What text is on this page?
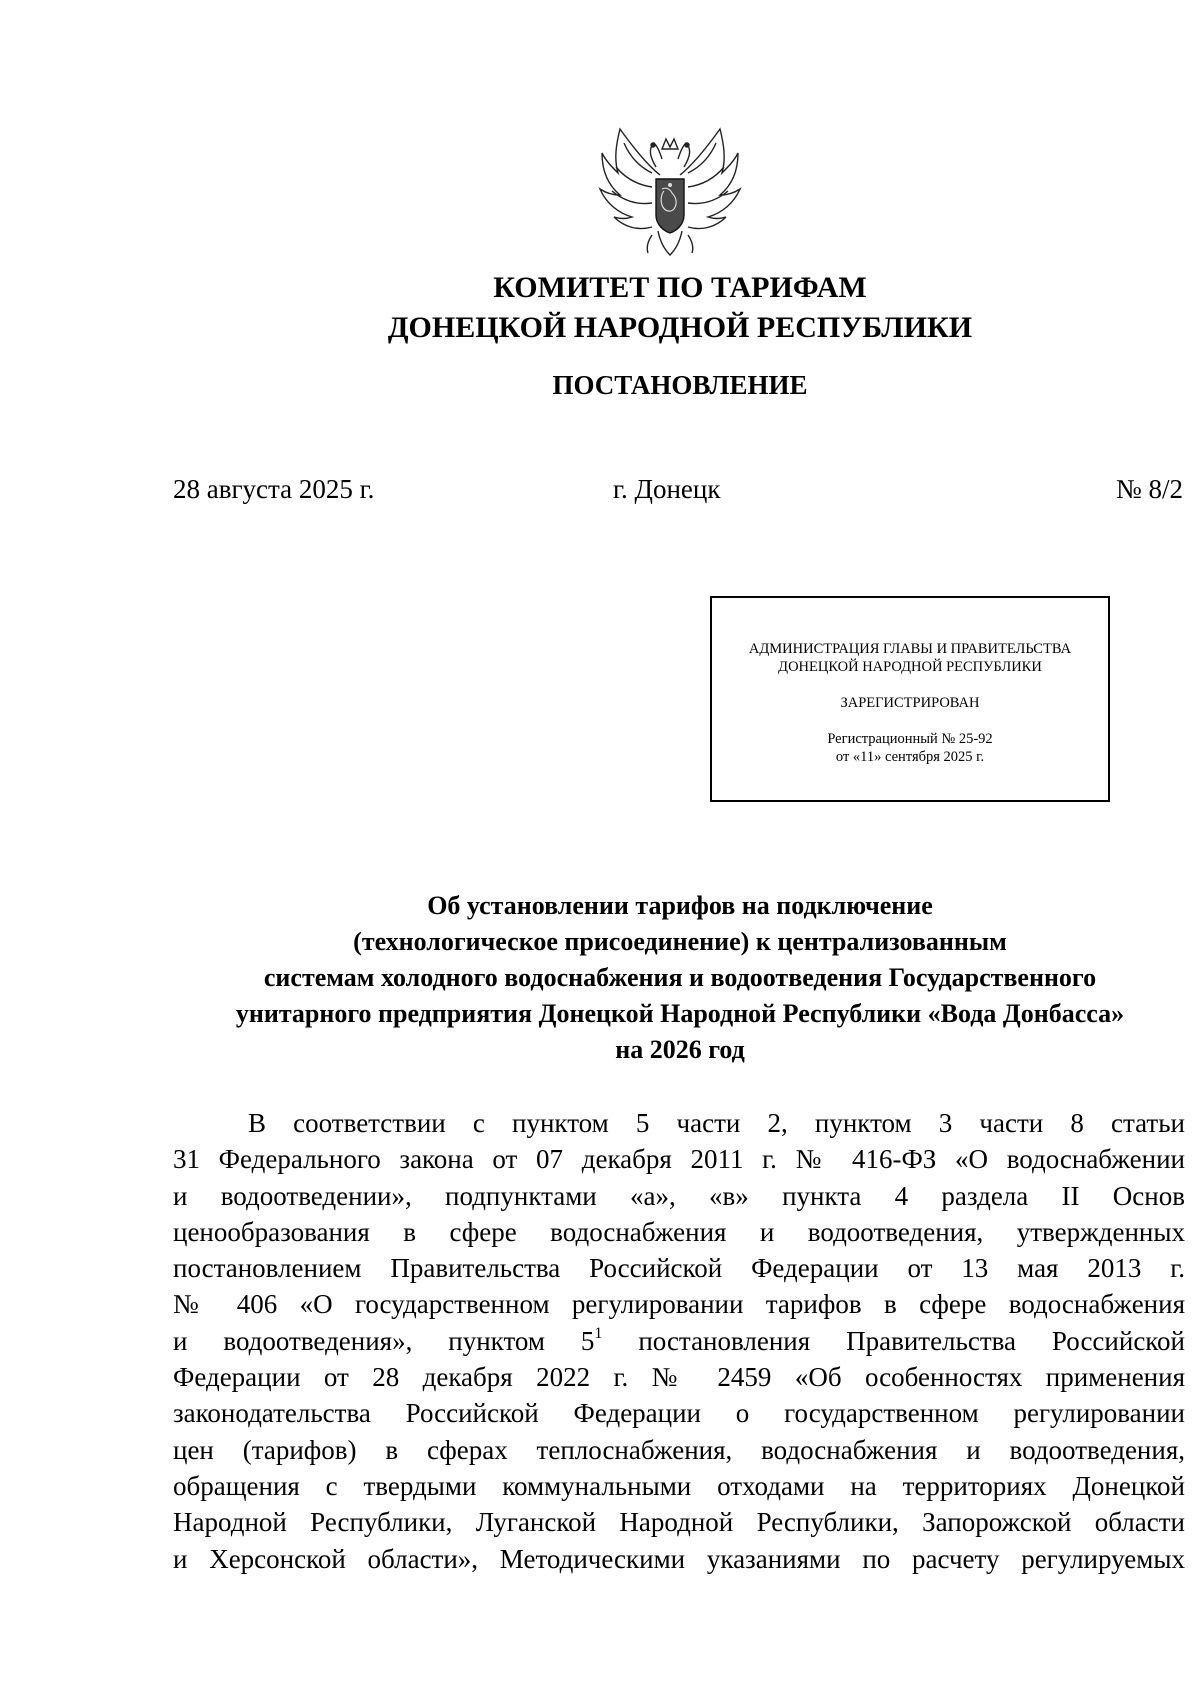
КОМИТЕТ ПО ТАРИФАМ
ДОНЕЦКОЙ НАРОДНОЙ РЕСПУБЛИКИ
ПОСТАНОВЛЕНИЕ
28 августа 2025 г.	г. Донецк	№ 8/2
АДМИНИСТРАЦИЯ ГЛАВЫ И ПРАВИТЕЛЬСТВА
ДОНЕЦКОЙ НАРОДНОЙ РЕСПУБЛИКИ
ЗАРЕГИСТРИРОВАН
Регистрационный № 25-92
от «11» сентября 2025 г.
Об установлении тарифов на подключение
(технологическое присоединение) к централизованным
системам холодного водоснабжения и водоотведения Государственного
унитарного предприятия Донецкой Народной Республики «Вода Донбасса»
на 2026 год
В соответствии с пунктом 5 части 2, пунктом 3 части 8 статьи
31 Федерального закона от 07 декабря 2011 г. № 416-ФЗ «О водоснабжении
и водоотведении», подпунктами «а», «в» пункта 4 раздела II Основ
ценообразования в сфере водоснабжения и водоотведения, утвержденных
постановлением Правительства Российской Федерации от 13 мая 2013 г.
№ 406 «О государственном регулировании тарифов в сфере водоснабжения
и водоотведения», пунктом $5^1$ постановления Правительства Российской
Федерации от 28 декабря 2022 г. № 2459 «Об особенностях применения
законодательства Российской Федерации о государственном регулировании
цен (тарифов) в сферах теплоснабжения, водоснабжения и водоотведения,
обращения с твердыми коммунальными отходами на территориях Донецкой
Народной Республики, Луганской Народной Республики, Запорожской области
и Херсонской области», Методическими указаниями по расчету регулируемых
